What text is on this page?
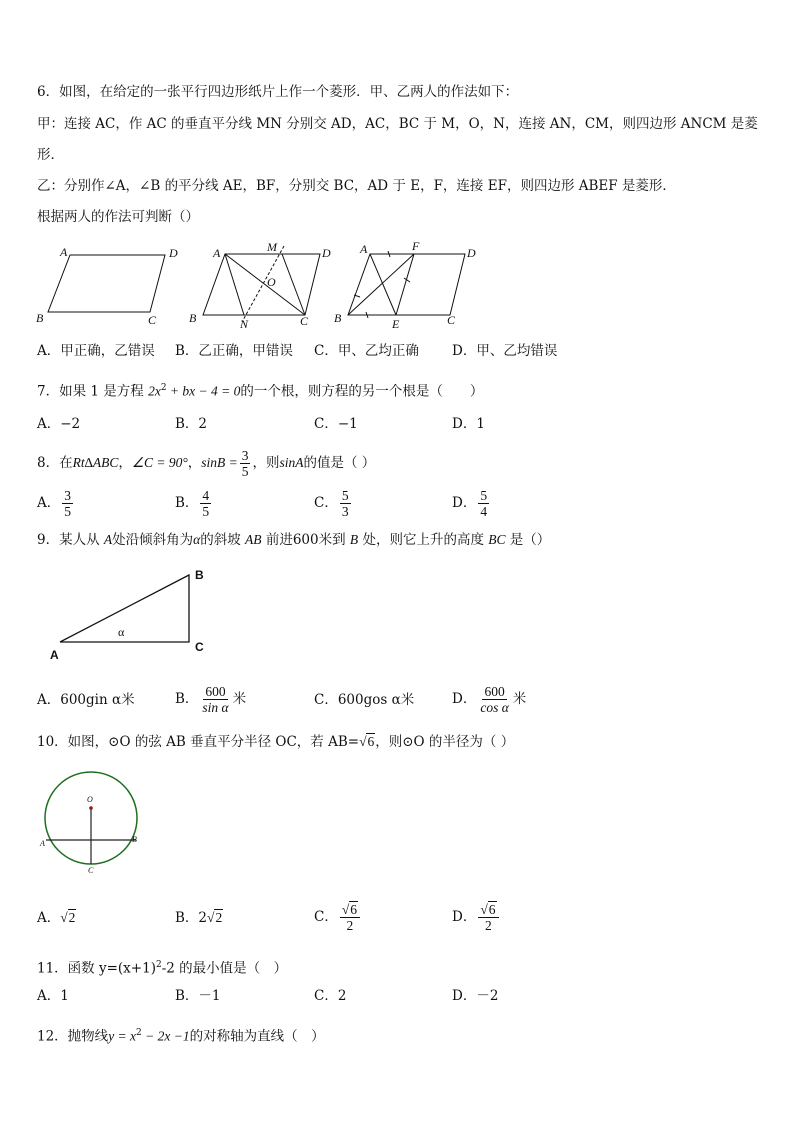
6．如图，在给定的一张平行四边形纸片上作一个菱形．甲、乙两人的作法如下：
甲：连接 AC，作 AC 的垂直平分线 MN 分别交 AD，AC，BC 于 M，O，N，连接 AN，CM，则四边形 ANCM 是菱
形．
乙：分别作∠A，∠B 的平分线 AE，BF，分别交 BC，AD 于 E，F，连接 EF，则四边形 ABEF 是菱形．
根据两人的作法可判断（）
A	D
B	C
A	M	D
O
B	N	C
A	F	D
B	E	C
A．甲正确，乙错误 B．乙正确，甲错误 C．甲、乙均正确 D．甲、乙均错误
7．如果 1 是方程 $2x^2$ + bx − 4 = 0的一个根，则方程的另一个根是（　　）
A．−2	B．2	C．−1	D．1
8．在Rt∆ABC，∠C = 90°，$\sin B = \frac{3}{5}$ ，则sinA的值是（ ）
A． $\frac{3}{5}$	B． $\frac{4}{5}$	C． $\frac{5}{3}$	D． $\frac{5}{4}$
9．某人从 A处沿倾斜角为α的斜坡 AB 前进600米到 B 处，则它上升的高度 BC 是（）
B
C
A
α
A．600gin α米	B． $\frac{600}{\text{sin α}}$ 米	C．600gos α米	D． $\frac{600}{\text{cos α}}$ 米
10．如图，⊙O 的弦 AB 垂直平分半径 OC，若 AB=√6，则⊙O 的半径为（ ）
O
A	B
C
A．√2	B．2√2	C． $\frac{√6}{2}$	D． $\frac{√6}{2}$
11．函数 $y=(x+1)^2-2$ 的最小值是（　）
A．1	B．－1	C．2	D．－2
12．抛物线$y = x^2 - 2x -1$的对称轴为直线（　）
